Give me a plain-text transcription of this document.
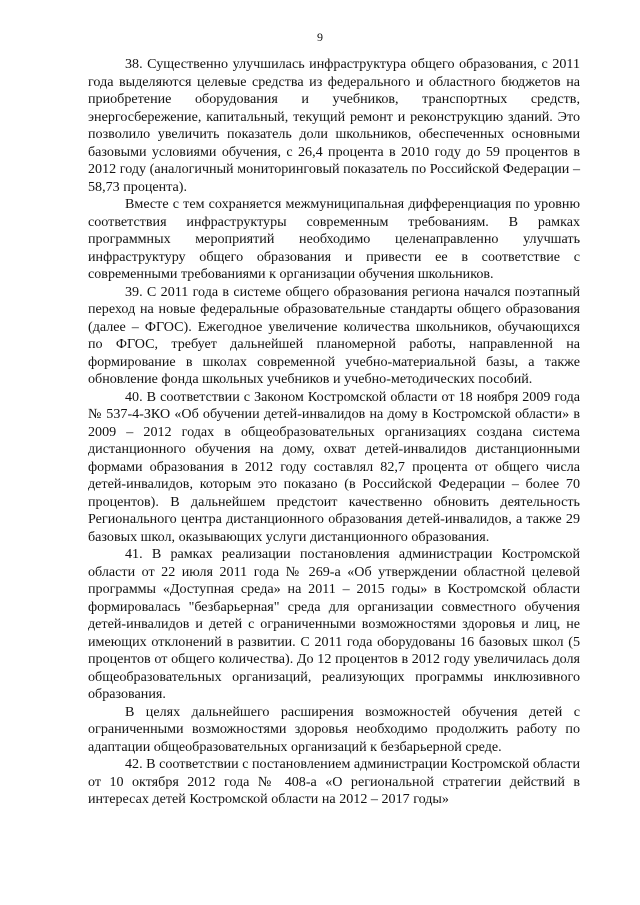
9

38. Существенно улучшилась инфраструктура общего образования, с 2011 года выделяются целевые средства из федерального и областного бюджетов на приобретение оборудования и учебников, транспортных средств, энергосбережение, капитальный, текущий ремонт и реконструкцию зданий. Это позволило увеличить показатель доли школьников, обеспеченных основными базовыми условиями обучения, с 26,4 процента в 2010 году до 59 процентов в 2012 году (аналогичный мониторинговый показатель по Российской Федерации – 58,73 процента).

Вместе с тем сохраняется межмуниципальная дифференциация по уровню соответствия инфраструктуры современным требованиям. В рамках программных мероприятий необходимо целенаправленно улучшать инфраструктуру общего образования и привести ее в соответствие с современными требованиями к организации обучения школьников.

39. С 2011 года в системе общего образования региона начался поэтапный переход на новые федеральные образовательные стандарты общего образования (далее – ФГОС). Ежегодное увеличение количества школьников, обучающихся по ФГОС, требует дальнейшей планомерной работы, направленной на формирование в школах современной учебно-материальной базы, а также обновление фонда школьных учебников и учебно-методических пособий.

40. В соответствии с Законом Костромской области от 18 ноября 2009 года № 537-4-ЗКО «Об обучении детей-инвалидов на дому в Костромской области» в 2009 – 2012 годах в общеобразовательных организациях создана система дистанционного обучения на дому, охват детей-инвалидов дистанционными формами образования в 2012 году составлял 82,7 процента от общего числа детей-инвалидов, которым это показано (в Российской Федерации – более 70 процентов). В дальнейшем предстоит качественно обновить деятельность Регионального центра дистанционного образования детей-инвалидов, а также 29 базовых школ, оказывающих услуги дистанционного образования.

41. В рамках реализации постановления администрации Костромской области от 22 июля 2011 года № 269-а «Об утверждении областной целевой программы «Доступная среда» на 2011 – 2015 годы» в Костромской области формировалась "безбарьерная" среда для организации совместного обучения детей-инвалидов и детей с ограниченными возможностями здоровья и лиц, не имеющих отклонений в развитии. С 2011 года оборудованы 16 базовых школ (5 процентов от общего количества). До 12 процентов в 2012 году увеличилась доля общеобразовательных организаций, реализующих программы инклюзивного образования.

В целях дальнейшего расширения возможностей обучения детей с ограниченными возможностями здоровья необходимо продолжить работу по адаптации общеобразовательных организаций к безбарьерной среде.

42. В соответствии с постановлением администрации Костромской области от 10 октября 2012 года № 408-а «О региональной стратегии действий в интересах детей Костромской области на 2012 – 2017 годы»
